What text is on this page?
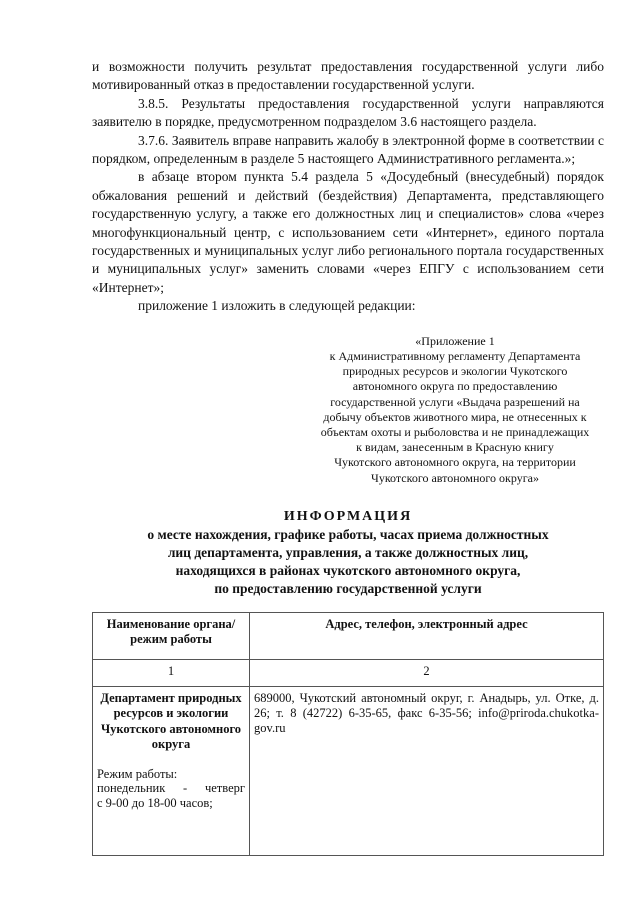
и возможности получить результат предоставления государственной услуги либо мотивированный отказ в предоставлении государственной услуги.

3.8.5. Результаты предоставления государственной услуги направляются заявителю в порядке, предусмотренном подразделом 3.6 настоящего раздела.

3.7.6. Заявитель вправе направить жалобу в электронной форме в соответствии с порядком, определенным в разделе 5 настоящего Административного регламента.»;

в абзаце втором пункта 5.4 раздела 5 «Досудебный (внесудебный) порядок обжалования решений и действий (бездействия) Департамента, представляющего государственную услугу, а также его должностных лиц и специалистов» слова «через многофункциональный центр, с использованием сети «Интернет», единого портала государственных и муниципальных услуг либо регионального портала государственных и муниципальных услуг» заменить словами «через ЕПГУ с использованием сети «Интернет»;

приложение 1 изложить в следующей редакции:

«Приложение 1
к Административному регламенту Департамента
природных ресурсов и экологии Чукотского
автономного округа по предоставлению
государственной услуги «Выдача разрешений на
добычу объектов животного мира, не отнесенных к
объектам охоты и рыболовства и не принадлежащих
к видам, занесенным в Красную книгу
Чукотского автономного округа, на территории
Чукотского автономного округа»
ИНФОРМАЦИЯ
о месте нахождения, графике работы, часах приема должностных
лиц департамента, управления, а также должностных лиц,
находящихся в районах чукотского автономного округа,
по предоставлению государственной услуги
Наименование органа/режим работы	Адрес, телефон, электронный адрес
1	2

Департамент природных ресурсов и экологии Чукотского автономного округа
Режим работы:
понедельник - четверг
с 9-00 до 18-00 часов;	689000, Чукотский автономный округ, г. Анадырь, ул. Отке, д. 26; т. 8 (42722) 6-35-65, факс 6-35-56; info@priroda.chukotka-gov.ru
